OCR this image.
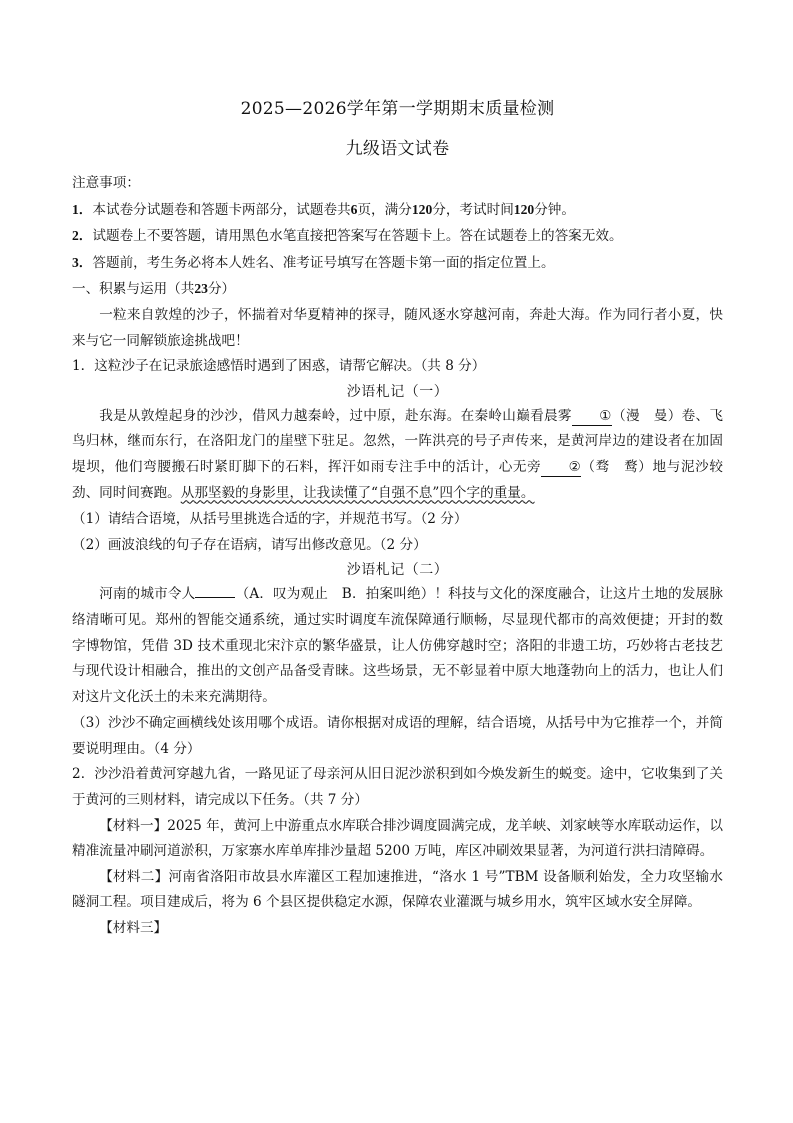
2025—2026学年第一学期期末质量检测
九级语文试卷

注意事项：

1．本试卷分试题卷和答题卡两部分，试题卷共6页，满分120分，考试时间120分钟。

2．试题卷上不要答题，请用黑色水笔直接把答案写在答题卡上。答在试题卷上的答案无效。

3．答题前，考生务必将本人姓名、准考证号填写在答题卡第一面的指定位置上。

一、积累与运用（共23分）

一粒来自敦煌的沙子，怀揣着对华夏精神的探寻，随风逐水穿越河南，奔赴大海。作为同行者小夏，快来与它一同解锁旅途挑战吧！

1．这粒沙子在记录旅途感悟时遇到了困惑，请帮它解决。（共 8 分）

沙语札记（一）

我是从敦煌起身的沙沙，借风力越秦岭，过中原，赴东海。在秦岭山巅看晨雾 ①（漫　曼）卷、飞鸟归林，继而东行，在洛阳龙门的崖壁下驻足。忽然，一阵洪亮的号子声传来，是黄河岸边的建设者在加固堤坝，他们弯腰搬石时紧盯脚下的石料，挥汗如雨专注手中的活计，心无旁 ②（骛　鹜）地与泥沙较劲、同时间赛跑。从那坚毅的身影里，让我读懂了“自强不息”四个字的重量。

（1）请结合语境，从括号里挑选合适的字，并规范书写。（2 分）

（2）画波浪线的句子存在语病，请写出修改意见。（2 分）

沙语札记（二）

河南的城市令人	（A．叹为观止　B．拍案叫绝）！科技与文化的深度融合，让这片土地的发展脉络清晰可见。郑州的智能交通系统，通过实时调度车流保障通行顺畅，尽显现代都市的高效便捷；开封的数字博物馆，凭借 3D 技术重现北宋汴京的繁华盛景，让人仿佛穿越时空；洛阳的非遗工坊，巧妙将古老技艺与现代设计相融合，推出的文创产品备受青睐。这些场景，无不彰显着中原大地蓬勃向上的活力，也让人们对这片文化沃土的未来充满期待。

（3）沙沙不确定画横线处该用哪个成语。请你根据对成语的理解，结合语境，从括号中为它推荐一个，并简要说明理由。（4 分）

2．沙沙沿着黄河穿越九省，一路见证了母亲河从旧日泥沙淤积到如今焕发新生的蜕变。途中，它收集到了关于黄河的三则材料，请完成以下任务。（共 7 分）

【材料一】2025 年，黄河上中游重点水库联合排沙调度圆满完成，龙羊峡、刘家峡等水库联动运作，以精准流量冲刷河道淤积，万家寨水库单库排沙量超 5200 万吨，库区冲刷效果显著，为河道行洪扫清障碍。

【材料二】河南省洛阳市故县水库灌区工程加速推进，“洛水 1 号”TBM 设备顺利始发，全力攻坚输水隧洞工程。项目建成后，将为 6 个县区提供稳定水源，保障农业灌溉与城乡用水，筑牢区域水安全屏障。

【材料三】
